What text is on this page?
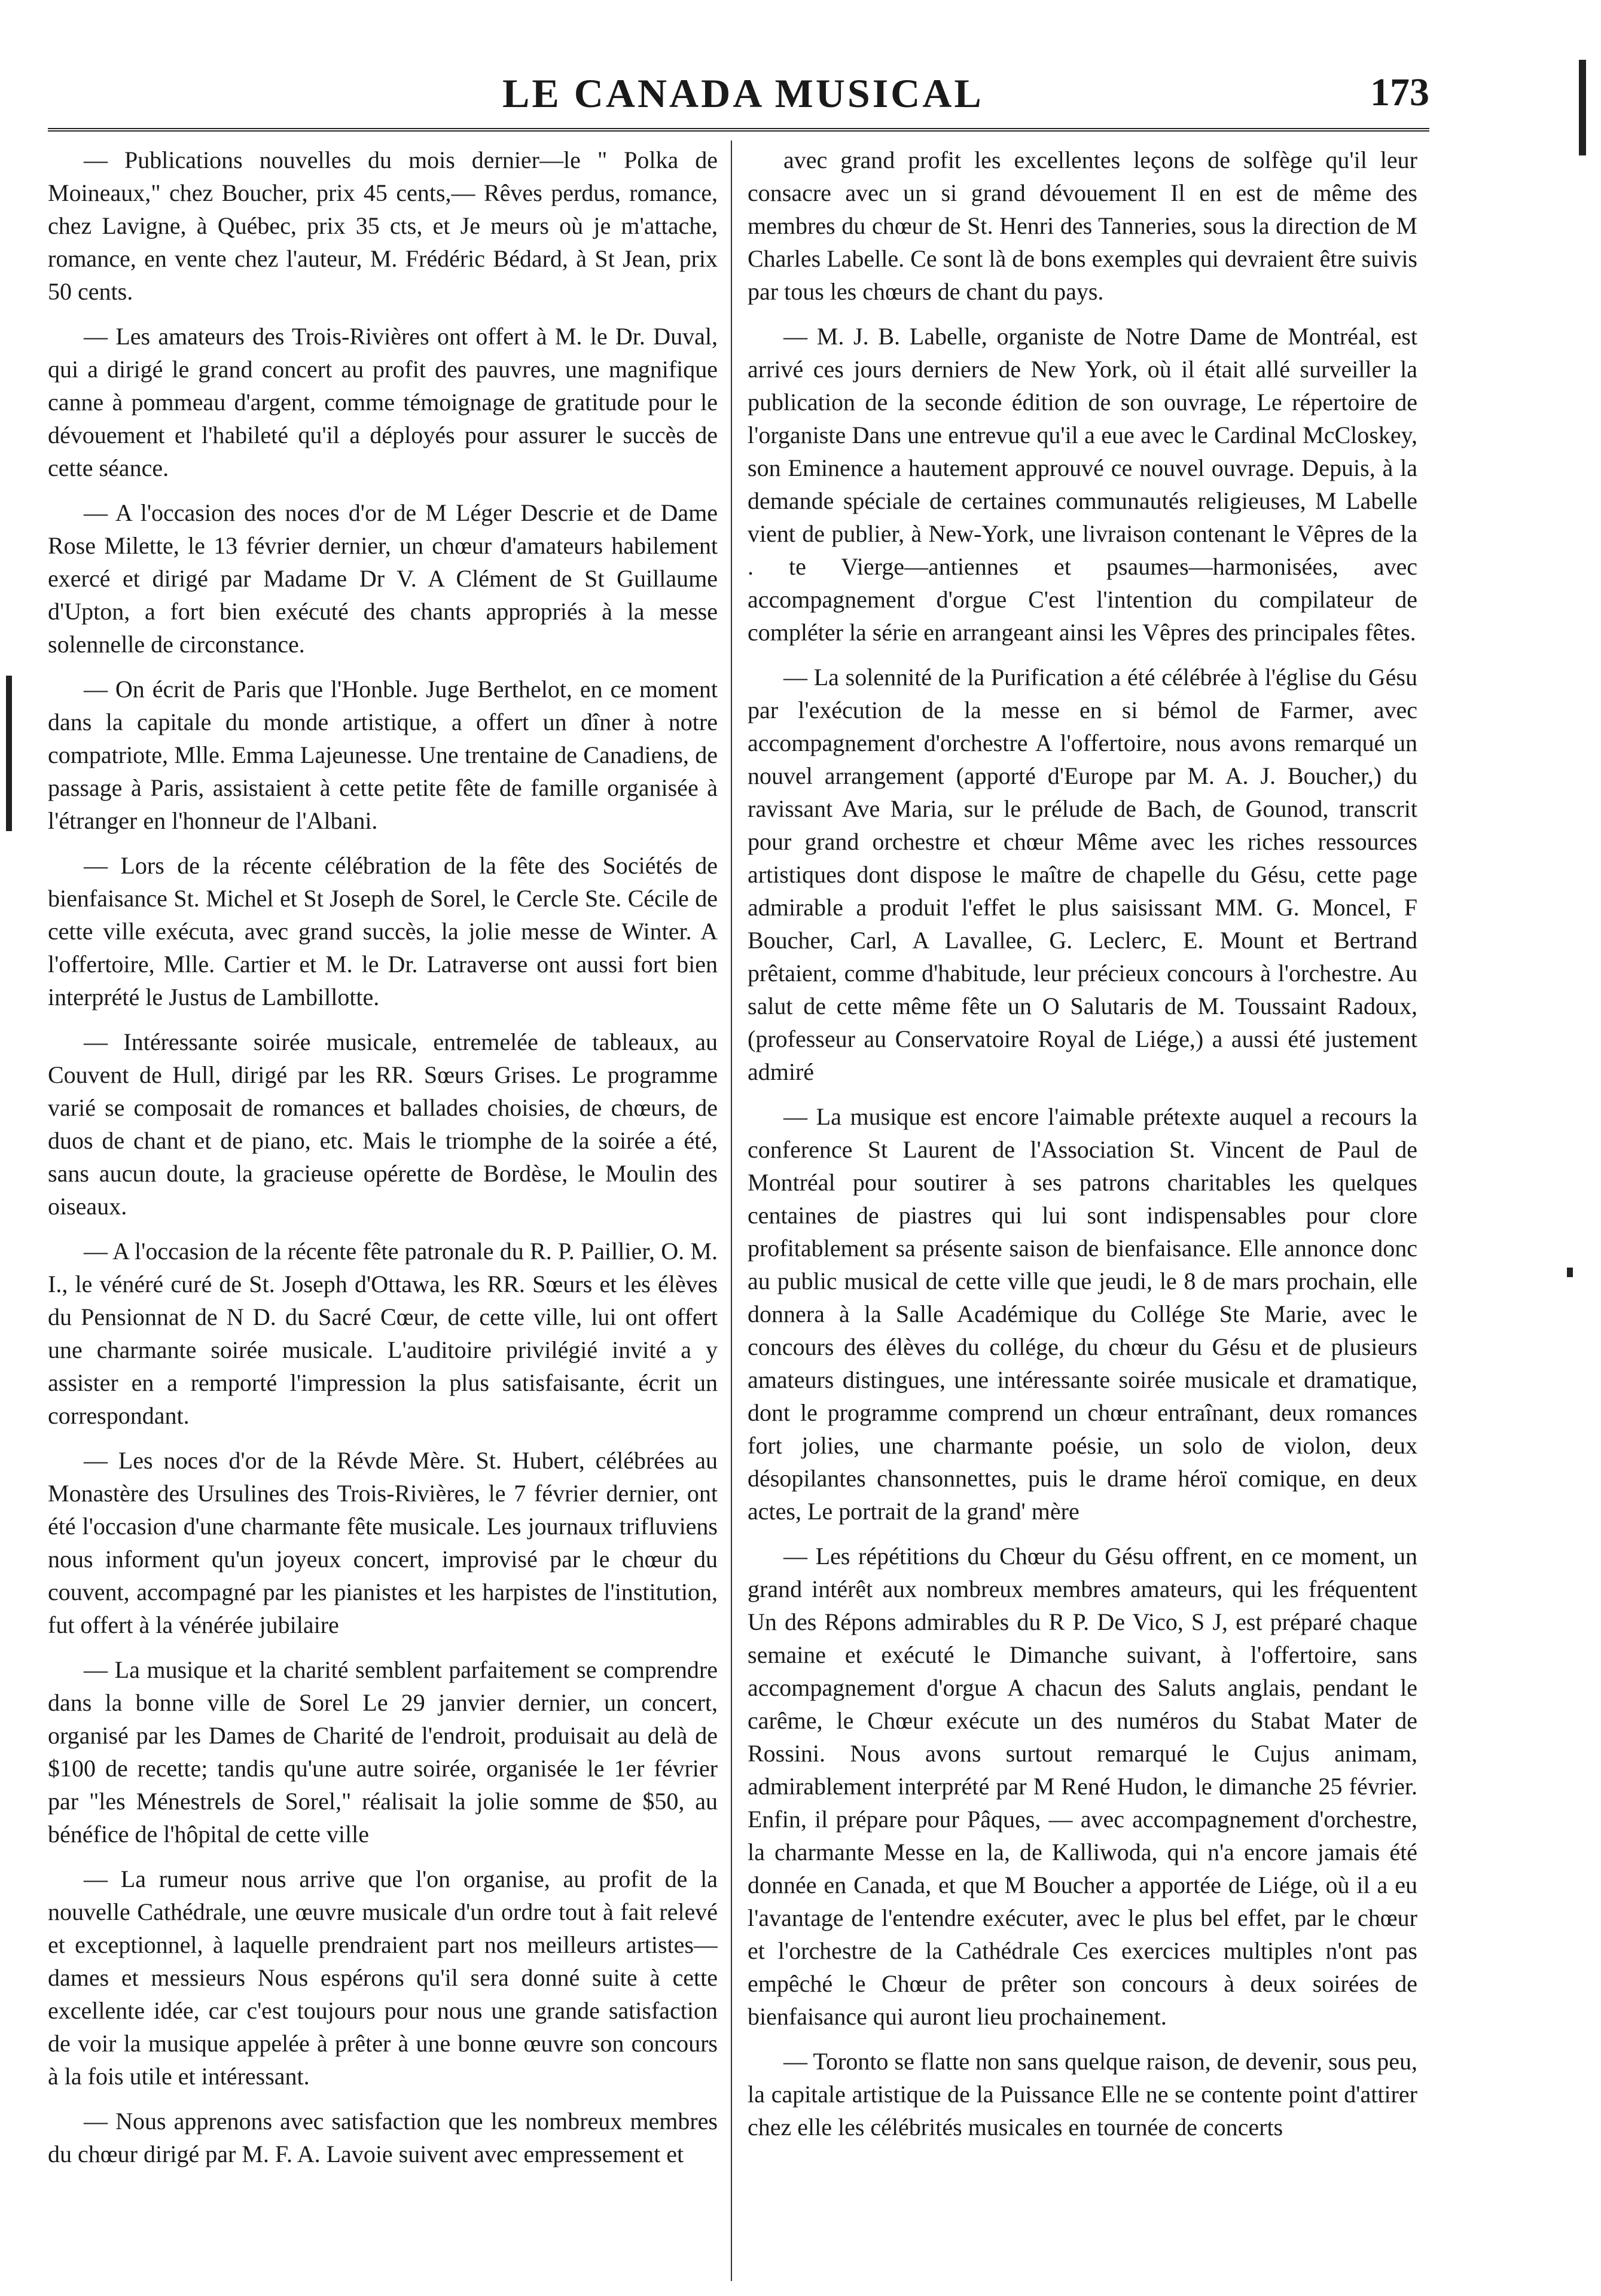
LE CANADA MUSICAL	173

— Publications nouvelles du mois dernier—le " Polka de Moineaux," chez Boucher, prix 45 cents,— Rêves perdus, romance, chez Lavigne, à Québec, prix 35 cts, et Je meurs où je m'attache, romance, en vente chez l'auteur, M. Frédéric Bédard, à St Jean, prix 50 cents.

— Les amateurs des Trois-Rivières ont offert à M. le Dr. Duval, qui a dirigé le grand concert au profit des pauvres, une magnifique canne à pommeau d'argent, comme témoignage de gratitude pour le dévouement et l'habileté qu'il a déployés pour assurer le succès de cette séance.

— A l'occasion des noces d'or de M Léger Descrie et de Dame Rose Milette, le 13 février dernier, un chœur d'amateurs habilement exercé et dirigé par Madame Dr V. A Clément de St Guillaume d'Upton, a fort bien exécuté des chants appropriés à la messe solennelle de circonstance.

— On écrit de Paris que l'Honble. Juge Berthelot, en ce moment dans la capitale du monde artistique, a offert un dîner à notre compatriote, Mlle. Emma Lajeunesse. Une trentaine de Canadiens, de passage à Paris, assistaient à cette petite fête de famille organisée à l'étranger en l'honneur de l'Albani.

— Lors de la récente célébration de la fête des Sociétés de bienfaisance St. Michel et St Joseph de Sorel, le Cercle Ste. Cécile de cette ville exécuta, avec grand succès, la jolie messe de Winter. A l'offertoire, Mlle. Cartier et M. le Dr. Latraverse ont aussi fort bien interprété le Justus de Lambillotte.

— Intéressante soirée musicale, entremelée de tableaux, au Couvent de Hull, dirigé par les RR. Sœurs Grises. Le programme varié se composait de romances et ballades choisies, de chœurs, de duos de chant et de piano, etc. Mais le triomphe de la soirée a été, sans aucun doute, la gracieuse opérette de Bordèse, le Moulin des oiseaux.

— A l'occasion de la récente fête patronale du R. P. Paillier, O. M. I., le vénéré curé de St. Joseph d'Ottawa, les RR. Sœurs et les élèves du Pensionnat de N D. du Sacré Cœur, de cette ville, lui ont offert une charmante soirée musicale. L'auditoire privilégié invité a y assister en a remporté l'impression la plus satisfaisante, écrit un correspondant.

— Les noces d'or de la Révde Mère. St. Hubert, célébrées au Monastère des Ursulines des Trois-Rivières, le 7 février dernier, ont été l'occasion d'une charmante fête musicale. Les journaux trifluviens nous informent qu'un joyeux concert, improvisé par le chœur du couvent, accompagné par les pianistes et les harpistes de l'institution, fut offert à la vénérée jubilaire

— La musique et la charité semblent parfaitement se comprendre dans la bonne ville de Sorel Le 29 janvier dernier, un concert, organisé par les Dames de Charité de l'endroit, produisait au delà de $100 de recette; tandis qu'une autre soirée, organisée le 1er février par "les Ménestrels de Sorel," réalisait la jolie somme de $50, au bénéfice de l'hôpital de cette ville

— La rumeur nous arrive que l'on organise, au profit de la nouvelle Cathédrale, une œuvre musicale d'un ordre tout à fait relevé et exceptionnel, à laquelle prendraient part nos meilleurs artistes—dames et messieurs Nous espérons qu'il sera donné suite à cette excellente idée, car c'est toujours pour nous une grande satisfaction de voir la musique appelée à prêter à une bonne œuvre son concours à la fois utile et intéressant.

— Nous apprenons avec satisfaction que les nombreux membres du chœur dirigé par M. F. A. Lavoie suivent avec empressement et

avec grand profit les excellentes leçons de solfège qu'il leur consacre avec un si grand dévouement Il en est de même des membres du chœur de St. Henri des Tanneries, sous la direction de M Charles Labelle. Ce sont là de bons exemples qui devraient être suivis par tous les chœurs de chant du pays.

— M. J. B. Labelle, organiste de Notre Dame de Montréal, est arrivé ces jours derniers de New York, où il était allé surveiller la publication de la seconde édition de son ouvrage, Le répertoire de l'organiste Dans une entrevue qu'il a eue avec le Cardinal McCloskey, son Eminence a hautement approuvé ce nouvel ouvrage. Depuis, à la demande spéciale de certaines communautés religieuses, M Labelle vient de publier, à New-York, une livraison contenant le Vêpres de la . te Vierge—antiennes et psaumes—harmonisées, avec accompagnement d'orgue C'est l'intention du compilateur de compléter la série en arrangeant ainsi les Vêpres des principales fêtes.

— La solennité de la Purification a été célébrée à l'église du Gésu par l'exécution de la messe en si bémol de Farmer, avec accompagnement d'orchestre A l'offertoire, nous avons remarqué un nouvel arrangement (apporté d'Europe par M. A. J. Boucher,) du ravissant Ave Maria, sur le prélude de Bach, de Gounod, transcrit pour grand orchestre et chœur Même avec les riches ressources artistiques dont dispose le maître de chapelle du Gésu, cette page admirable a produit l'effet le plus saisissant MM. G. Moncel, F Boucher, Carl, A Lavallee, G. Leclerc, E. Mount et Bertrand prêtaient, comme d'habitude, leur précieux concours à l'orchestre. Au salut de cette même fête un O Salutaris de M. Toussaint Radoux, (professeur au Conservatoire Royal de Liége,) a aussi été justement admiré

— La musique est encore l'aimable prétexte auquel a recours la conference St Laurent de l'Association St. Vincent de Paul de Montréal pour soutirer à ses patrons charitables les quelques centaines de piastres qui lui sont indispensables pour clore profitablement sa présente saison de bienfaisance. Elle annonce donc au public musical de cette ville que jeudi, le 8 de mars prochain, elle donnera à la Salle Académique du Collége Ste Marie, avec le concours des élèves du collége, du chœur du Gésu et de plusieurs amateurs distingues, une intéressante soirée musicale et dramatique, dont le programme comprend un chœur entraînant, deux romances fort jolies, une charmante poésie, un solo de violon, deux désopilantes chansonnettes, puis le drame héroï comique, en deux actes, Le portrait de la grand' mère

— Les répétitions du Chœur du Gésu offrent, en ce moment, un grand intérêt aux nombreux membres amateurs, qui les fréquentent Un des Répons admirables du R P. De Vico, S J, est préparé chaque semaine et exécuté le Dimanche suivant, à l'offertoire, sans accompagnement d'orgue A chacun des Saluts anglais, pendant le carême, le Chœur exécute un des numéros du Stabat Mater de Rossini. Nous avons surtout remarqué le Cujus animam, admirablement interprété par M René Hudon, le dimanche 25 février. Enfin, il prépare pour Pâques, — avec accompagnement d'orchestre, la charmante Messe en la, de Kalliwoda, qui n'a encore jamais été donnée en Canada, et que M Boucher a apportée de Liége, où il a eu l'avantage de l'entendre exécuter, avec le plus bel effet, par le chœur et l'orchestre de la Cathédrale Ces exercices multiples n'ont pas empêché le Chœur de prêter son concours à deux soirées de bienfaisance qui auront lieu prochainement.

— Toronto se flatte non sans quelque raison, de devenir, sous peu, la capitale artistique de la Puissance Elle ne se contente point d'attirer chez elle les célébrités musicales en tournée de concerts
